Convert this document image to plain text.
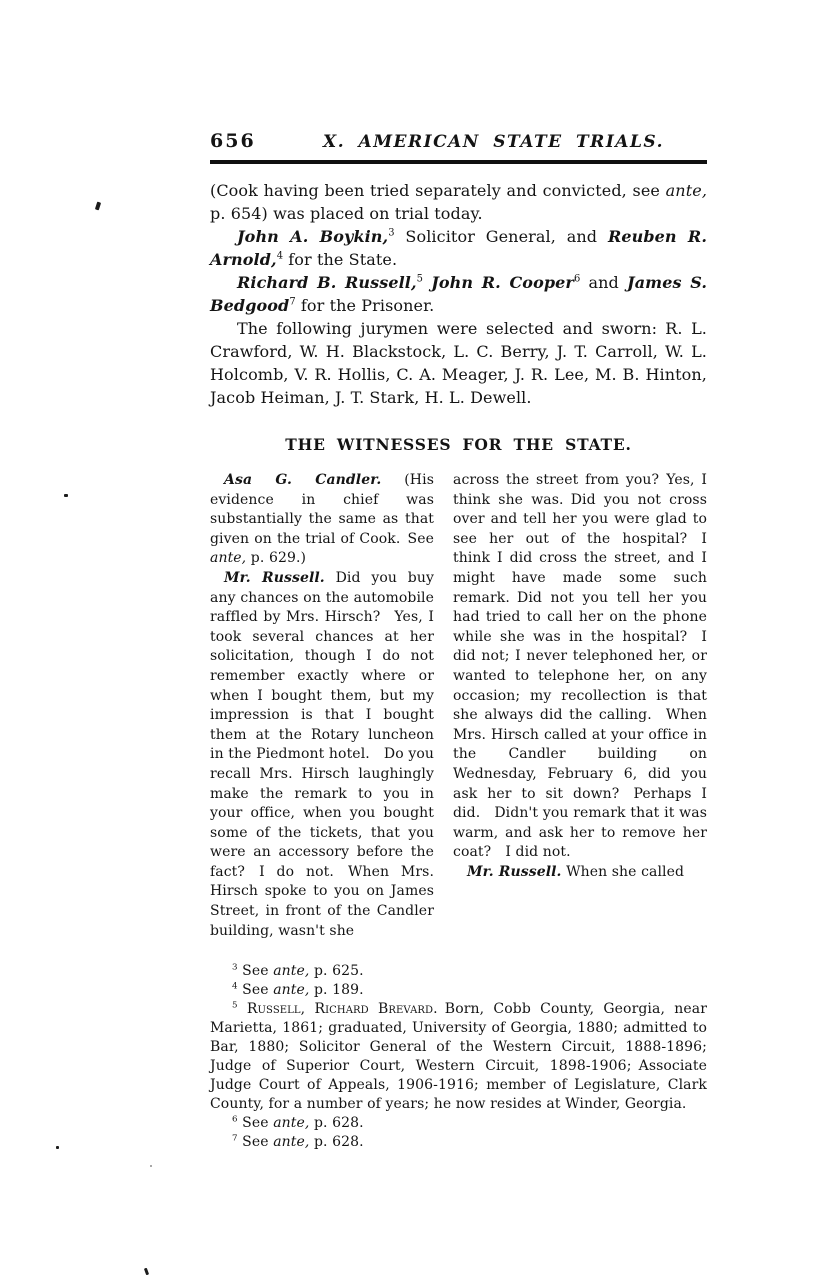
656	X. AMERICAN STATE TRIALS.

(Cook having been tried separately and convicted, see ante, p. 654) was placed on trial today.

John A. Boykin,$^3$ Solicitor General, and Reuben R. Arnold,$^4$ for the State.

Richard B. Russell,$^5$ John R. Cooper$^6$ and James S. Bedgood$^7$ for the Prisoner.

The following jurymen were selected and sworn: R. L. Crawford, W. H. Blackstock, L. C. Berry, J. T. Carroll, W. L. Holcomb, V. R. Hollis, C. A. Meager, J. R. Lee, M. B. Hinton, Jacob Heiman, J. T. Stark, H. L. Dewell.

THE WITNESSES FOR THE STATE.

Asa G. Candler. (His evidence in chief was substantially the same as that given on the trial of Cook. See ante, p. 629.)

Mr. Russell. Did you buy any chances on the automobile raffled by Mrs. Hirsch? Yes, I took several chances at her solicitation, though I do not remember exactly where or when I bought them, but my impression is that I bought them at the Rotary luncheon in the Piedmont hotel. Do you recall Mrs. Hirsch laughingly make the remark to you in your office, when you bought some of the tickets, that you were an accessory before the fact? I do not. When Mrs. Hirsch spoke to you on James Street, in front of the Candler building, wasn't she

across the street from you? Yes, I think she was. Did you not cross over and tell her you were glad to see her out of the hospital? I think I did cross the street, and I might have made some such remark. Did not you tell her you had tried to call her on the phone while she was in the hospital? I did not; I never telephoned her, or wanted to telephone her, on any occasion; my recollection is that she always did the calling. When Mrs. Hirsch called at your office in the Candler building on Wednesday, February 6, did you ask her to sit down? Perhaps I did. Didn't you remark that it was warm, and ask her to remove her coat? I did not.

Mr. Russell. When she called

$^3$ See ante, p. 625.

$^4$ See ante, p. 189.

$^5$ Russell, Richard Brevard. Born, Cobb County, Georgia, near Marietta, 1861; graduated, University of Georgia, 1880; admitted to Bar, 1880; Solicitor General of the Western Circuit, 1888-1896; Judge of Superior Court, Western Circuit, 1898-1906; Associate Judge Court of Appeals, 1906-1916; member of Legislature, Clark County, for a number of years; he now resides at Winder, Georgia.

$^6$ See ante, p. 628.

$^7$ See ante, p. 628.
